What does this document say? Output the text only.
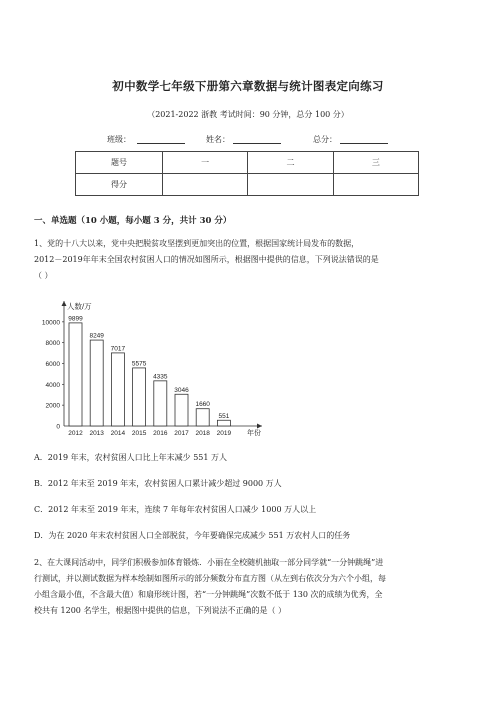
初中数学七年级下册第六章数据与统计图表定向练习
（2021-2022 浙教 考试时间：90 分钟，总分 100 分）
班级：	姓名：	总分：
题号	一	二	三
得分			
一、单选题（10 小题，每小题 3 分，共计 30 分）
1、党的十八大以来，党中央把脱贫攻坚摆到更加突出的位置，根据国家统计局发布的数据，
2012－2019年年末全国农村贫困人口的情况如图所示，根据图中提供的信息，下列说法错误的是
（ ）
人数/万
年份
0
2000
4000
6000
8000
10000
9899
2012
8249
2013
7017
2014
5575
2015
4335
2016
3046
2017
1660
2018
551
2019
A．2019 年末，农村贫困人口比上年末减少 551 万人
B．2012 年末至 2019 年末，农村贫困人口累计减少超过 9000 万人
C．2012 年末至 2019 年末，连续 7 年每年农村贫困人口减少 1000 万人以上
D．为在 2020 年末农村贫困人口全部脱贫，今年要确保完成减少 551 万农村人口的任务
2、在大课间活动中，同学们积极参加体育锻炼．小丽在全校随机抽取一部分同学就“一分钟跳绳”进
行测试，并以测试数据为样本绘制如图所示的部分频数分布直方图（从左到右依次分为六个小组，每
小组含最小值，不含最大值）和扇形统计图，若“一分钟跳绳”次数不低于 130 次的成绩为优秀，全
校共有 1200 名学生，根据图中提供的信息，下列说法不正确的是（ ）
